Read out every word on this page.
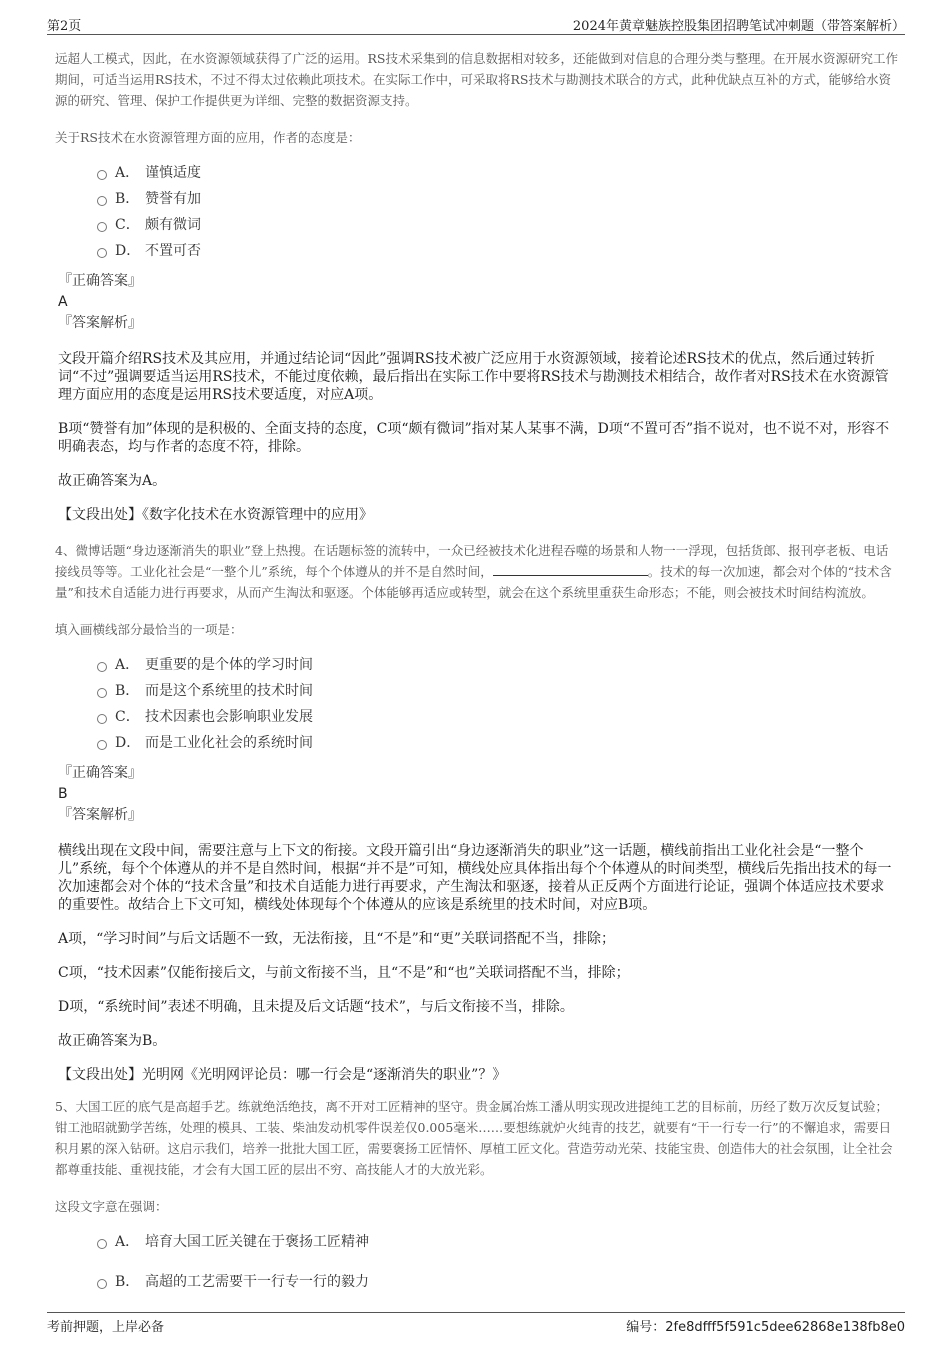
第2页	2024年黄章魅族控股集团招聘笔试冲刺题（带答案解析）

远超人工模式，因此，在水资源领域获得了广泛的运用。RS技术采集到的信息数据相对较多，还能做到对信息的合理分类与整理。在开展水资源研究工作期间，可适当运用RS技术，不过不得太过依赖此项技术。在实际工作中，可采取将RS技术与勘测技术联合的方式，此种优缺点互补的方式，能够给水资源的研究、管理、保护工作提供更为详细、完整的数据资源支持。

关于RS技术在水资源管理方面的应用，作者的态度是：

A． 谨慎适度
B． 赞誉有加
C． 颇有微词
D． 不置可否

『正确答案』

A

『答案解析』

文段开篇介绍RS技术及其应用，并通过结论词“因此”强调RS技术被广泛应用于水资源领域，接着论述RS技术的优点，然后通过转折词“不过”强调要适当运用RS技术，不能过度依赖，最后指出在实际工作中要将RS技术与勘测技术相结合，故作者对RS技术在水资源管理方面应用的态度是运用RS技术要适度，对应A项。

B项“赞誉有加”体现的是积极的、全面支持的态度，C项“颇有微词”指对某人某事不满，D项“不置可否”指不说对，也不说不对，形容不明确表态，均与作者的态度不符，排除。

故正确答案为A。

【文段出处】《数字化技术在水资源管理中的应用》

4、微博话题“身边逐渐消失的职业”登上热搜。在话题标签的流转中，一众已经被技术化进程吞噬的场景和人物一一浮现，包括货郎、报刊亭老板、电话接线员等等。工业化社会是“一整个儿”系统，每个个体遵从的并不是自然时间，	。技术的每一次加速，都会对个体的“技术含量”和技术自适能力进行再要求，从而产生淘汰和驱逐。个体能够再适应或转型，就会在这个系统里重获生命形态；不能，则会被技术时间结构流放。

填入画横线部分最恰当的一项是：

A． 更重要的是个体的学习时间
B． 而是这个系统里的技术时间
C． 技术因素也会影响职业发展
D． 而是工业化社会的系统时间

『正确答案』

B

『答案解析』

横线出现在文段中间，需要注意与上下文的衔接。文段开篇引出“身边逐渐消失的职业”这一话题，横线前指出工业化社会是“一整个儿”系统，每个个体遵从的并不是自然时间，根据“并不是”可知，横线处应具体指出每个个体遵从的时间类型，横线后先指出技术的每一次加速都会对个体的“技术含量”和技术自适能力进行再要求，产生淘汰和驱逐，接着从正反两个方面进行论证，强调个体适应技术要求的重要性。故结合上下文可知，横线处体现每个个体遵从的应该是系统里的技术时间，对应B项。

A项，“学习时间”与后文话题不一致，无法衔接，且“不是”和“更”关联词搭配不当，排除；

C项，“技术因素”仅能衔接后文，与前文衔接不当，且“不是”和“也”关联词搭配不当，排除；

D项，“系统时间”表述不明确，且未提及后文话题“技术”，与后文衔接不当，排除。

故正确答案为B。

【文段出处】光明网《光明网评论员：哪一行会是“逐渐消失的职业”？》

5、大国工匠的底气是高超手艺。练就绝活绝技，离不开对工匠精神的坚守。贵金属冶炼工潘从明实现改进提纯工艺的目标前，历经了数万次反复试验；钳工池昭就勤学苦练，处理的模具、工装、柴油发动机零件误差仅0.005毫米……要想练就炉火纯青的技艺，就要有“干一行专一行”的不懈追求，需要日积月累的深入钻研。这启示我们，培养一批批大国工匠，需要褒扬工匠情怀、厚植工匠文化。营造劳动光荣、技能宝贵、创造伟大的社会氛围，让全社会都尊重技能、重视技能，才会有大国工匠的层出不穷、高技能人才的大放光彩。

这段文字意在强调：

A． 培育大国工匠关键在于褒扬工匠精神
B． 高超的工艺需要干一行专一行的毅力
考前押题，上岸必备	编号：2fe8dfff5f591c5dee62868e138fb8e0
